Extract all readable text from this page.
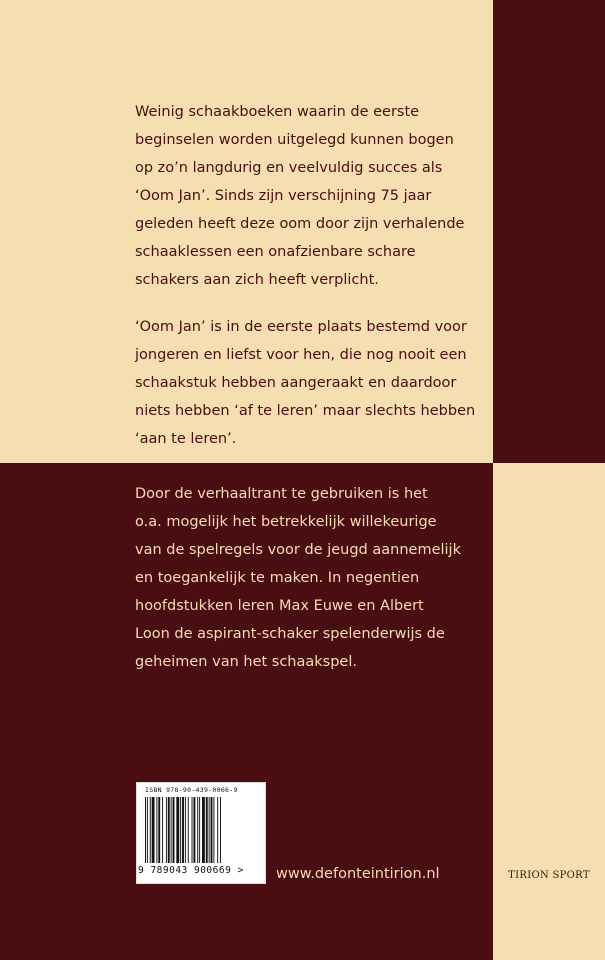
Weinig schaakboeken waarin de eerste
beginselen worden uitgelegd kunnen bogen
op zo’n langdurig en veelvuldig succes als
‘Oom Jan’. Sinds zijn verschijning 75 jaar
geleden heeft deze oom door zijn verhalende
schaaklessen een onafzienbare schare
schakers aan zich heeft verplicht.

‘Oom Jan’ is in de eerste plaats bestemd voor
jongeren en liefst voor hen, die nog nooit een
schaakstuk hebben aangeraakt en daardoor
niets hebben ‘af te leren’ maar slechts hebben
‘aan te leren’.

Door de verhaaltrant te gebruiken is het
o.a. mogelijk het betrekkelijk willekeurige
van de spelregels voor de jeugd aannemelijk
en toegankelijk te maken. In negentien
hoofdstukken leren Max Euwe en Albert
Loon de aspirant-schaker spelenderwijs de
geheimen van het schaakspel.

ISBN 978-90-439-0066-9
9 789043 900669 >	www.defonteintirion.nl	TIRION SPORT
